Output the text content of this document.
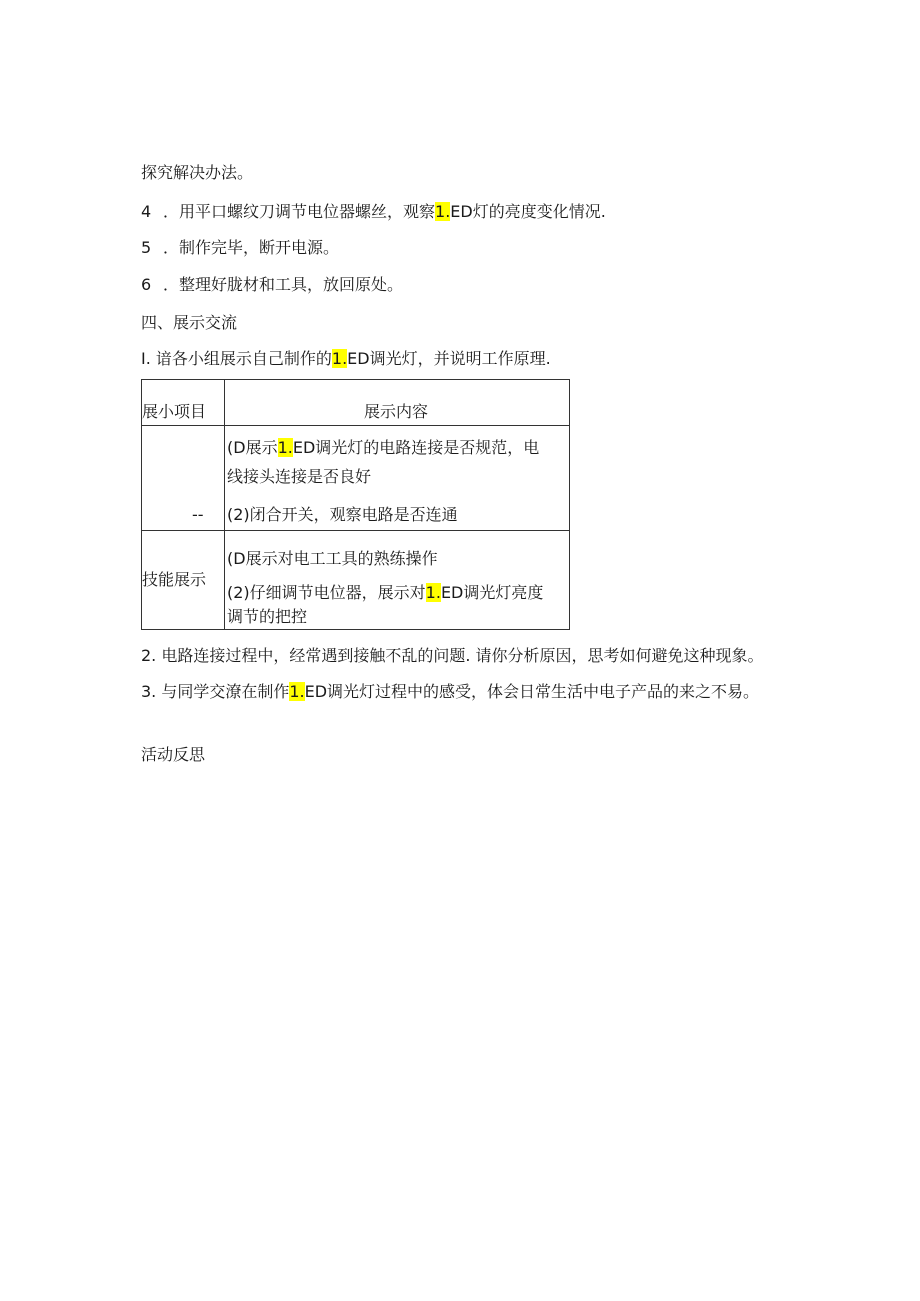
探究解决办法。
4 ．用平口螺纹刀调节电位器螺丝，观察1.ED灯的亮度变化情况.
5 ．制作完毕，断开电源。
6 ．整理好胧材和工具，放回原处。
四、展示交流
I. 谙各小组展示自己制作的1.ED调光灯，并说明工作原理.
展小项目	展示内容

--	(D展示1.ED调光灯的电路连接是否规范，电
线接头连接是否良好
(2)闭合开关，观察电路是否连通

技能展示	(D展示对电工工具的熟练操作
(2)仔细调节电位器，展示对1.ED调光灯亮度
调节的把控
2. 电路连接过程中，经常遇到接触不乱的问题. 请你分析原因，思考如何避免这种现象。
3. 与同学交潦在制作1.ED调光灯过程中的感受，体会日常生活中电子产品的来之不易。
活动反思
